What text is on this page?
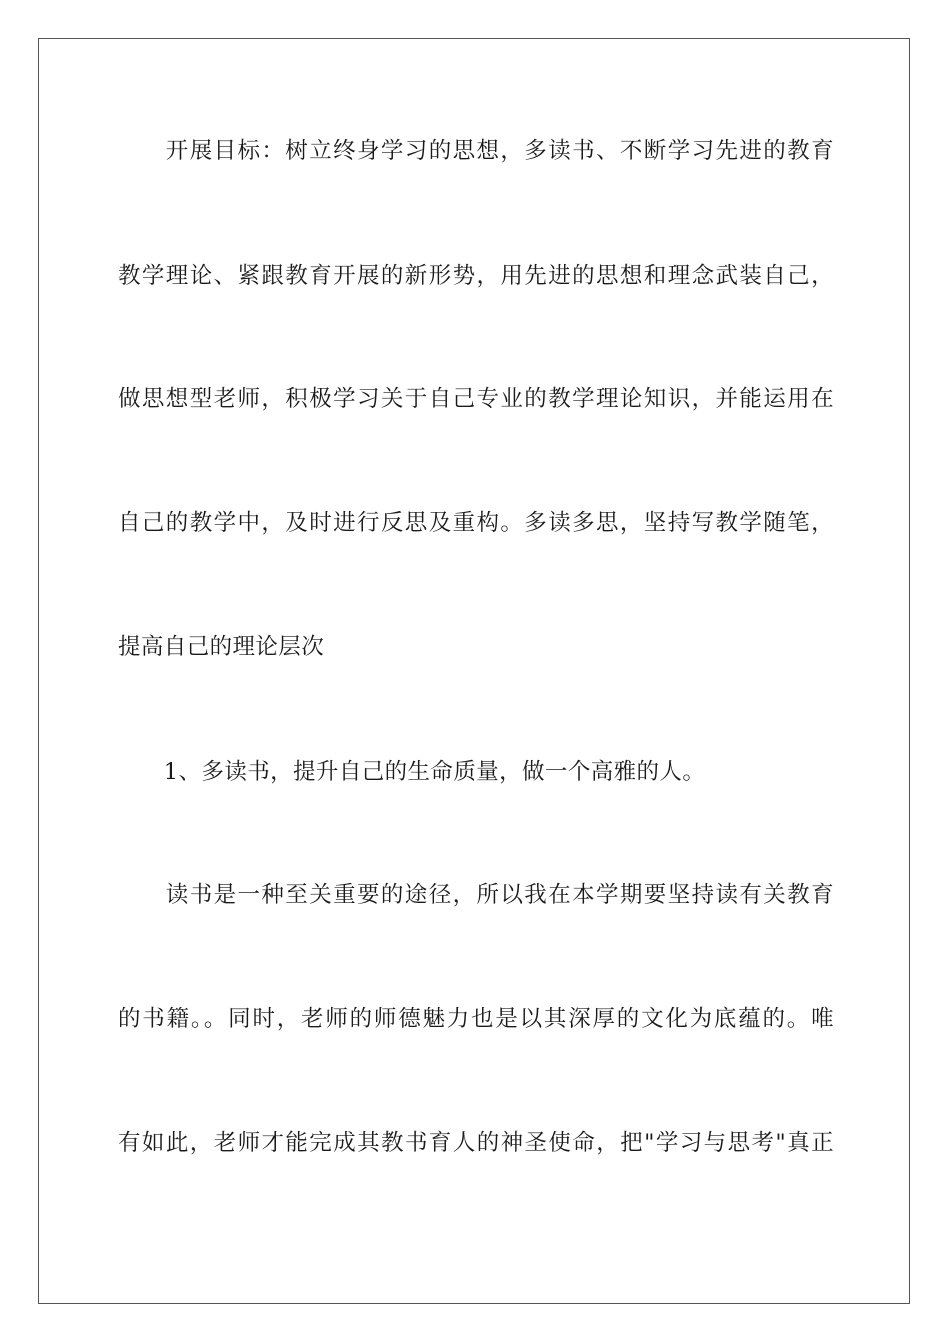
　　开展目标：树立终身学习的思想，多读书、不断学习先进的教育
教学理论、紧跟教育开展的新形势，用先进的思想和理念武装自己，
做思想型老师，积极学习关于自己专业的教学理论知识，并能运用在
自己的教学中，及时进行反思及重构。多读多思，坚持写教学随笔，
提高自己的理论层次
　　1、多读书，提升自己的生命质量，做一个高雅的人。
　　读书是一种至关重要的途径，所以我在本学期要坚持读有关教育
的书籍。。同时，老师的师德魅力也是以其深厚的文化为底蕴的。唯
有如此，老师才能完成其教书育人的神圣使命，把"学习与思考"真正
